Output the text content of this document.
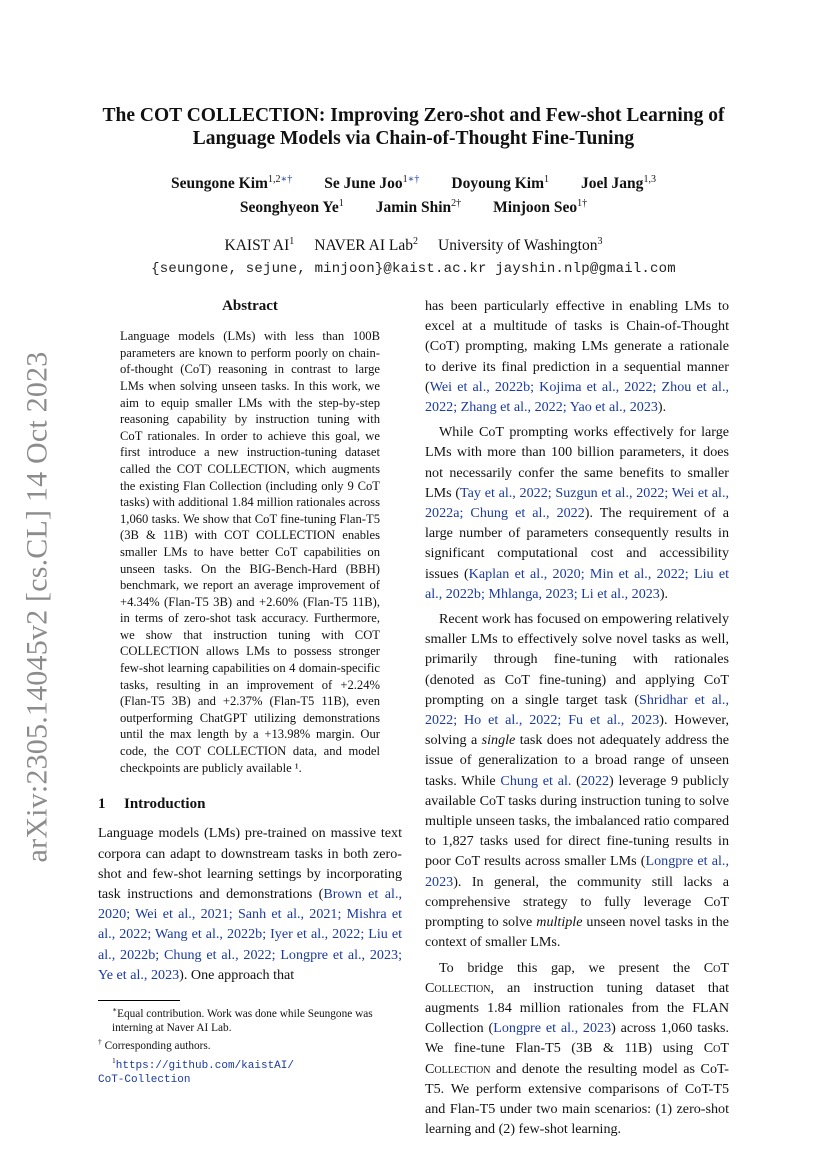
arXiv:2305.14045v2 [cs.CL] 14 Oct 2023
The COT COLLECTION: Improving Zero-shot and Few-shot Learning of
Language Models via Chain-of-Thought Fine-Tuning
Seungone Kim$^{1,2∗\dagger}$ Se June Joo$^{1∗\dagger}$ Doyoung Kim$^1$ Joel Jang$^{1,3}$
Seonghyeon Ye$^1$ Jamin Shin$^{2\dagger}$ Minjoon Seo$^{1\dagger}$
KAIST $AI^1$ NAVER AI Lab$^2$ University of Washington$^3$
{seungone, sejune, minjoon}@kaist.ac.kr jayshin.nlp@gmail.com
Abstract

Language models (LMs) with less than 100B parameters are known to perform poorly on chain-of-thought (CoT) reasoning in contrast to large LMs when solving unseen tasks. In this work, we aim to equip smaller LMs with the step-by-step reasoning capability by instruction tuning with CoT rationales. In order to achieve this goal, we first introduce a new instruction-tuning dataset called the COT COLLECTION, which augments the existing Flan Collection (including only 9 CoT tasks) with additional 1.84 million rationales across 1,060 tasks. We show that CoT fine-tuning Flan-T5 (3B & 11B) with COT COLLECTION enables smaller LMs to have better CoT capabilities on unseen tasks. On the BIG-Bench-Hard (BBH) benchmark, we report an average improvement of +4.34% (Flan-T5 3B) and +2.60% (Flan-T5 11B), in terms of zero-shot task accuracy. Furthermore, we show that instruction tuning with COT COLLECTION allows LMs to possess stronger few-shot learning capabilities on 4 domain-specific tasks, resulting in an improvement of +2.24% (Flan-T5 3B) and +2.37% (Flan-T5 11B), even outperforming ChatGPT utilizing demonstrations until the max length by a +13.98% margin. Our code, the COT COLLECTION data, and model checkpoints are publicly available ¹.

1 Introduction

Language models (LMs) pre-trained on massive text corpora can adapt to downstream tasks in both zero-shot and few-shot learning settings by incorporating task instructions and demonstrations (Brown et al., 2020; Wei et al., 2021; Sanh et al., 2021; Mishra et al., 2022; Wang et al., 2022b; Iyer et al., 2022; Liu et al., 2022b; Chung et al., 2022; Longpre et al., 2023; Ye et al., 2023). One approach that

has been particularly effective in enabling LMs to excel at a multitude of tasks is Chain-of-Thought (CoT) prompting, making LMs generate a rationale to derive its final prediction in a sequential manner (Wei et al., 2022b; Kojima et al., 2022; Zhou et al., 2022; Zhang et al., 2022; Yao et al., 2023).

While CoT prompting works effectively for large LMs with more than 100 billion parameters, it does not necessarily confer the same benefits to smaller LMs (Tay et al., 2022; Suzgun et al., 2022; Wei et al., 2022a; Chung et al., 2022). The requirement of a large number of parameters consequently results in significant computational cost and accessibility issues (Kaplan et al., 2020; Min et al., 2022; Liu et al., 2022b; Mhlanga, 2023; Li et al., 2023).

Recent work has focused on empowering relatively smaller LMs to effectively solve novel tasks as well, primarily through fine-tuning with rationales (denoted as CoT fine-tuning) and applying CoT prompting on a single target task (Shridhar et al., 2022; Ho et al., 2022; Fu et al., 2023). However, solving a single task does not adequately address the issue of generalization to a broad range of unseen tasks. While Chung et al. (2022) leverage 9 publicly available CoT tasks during instruction tuning to solve multiple unseen tasks, the imbalanced ratio compared to 1,827 tasks used for direct fine-tuning results in poor CoT results across smaller LMs (Longpre et al., 2023). In general, the community still lacks a comprehensive strategy to fully leverage CoT prompting to solve multiple unseen novel tasks in the context of smaller LMs.

To bridge this gap, we present the CoT Collection, an instruction tuning dataset that augments 1.84 million rationales from the FLAN Collection (Longpre et al., 2023) across 1,060 tasks. We fine-tune Flan-T5 (3B & 11B) using CoT Collection and denote the resulting model as CoT-T5. We perform extensive comparisons of CoT-T5 and Flan-T5 under two main scenarios: (1) zero-shot learning and (2) few-shot learning.

∗Equal contribution. Work was done while Seungone was interning at Naver AI Lab.
† Corresponding authors.
$^1$https://github.com/kaistAI/
CoT-Collection
